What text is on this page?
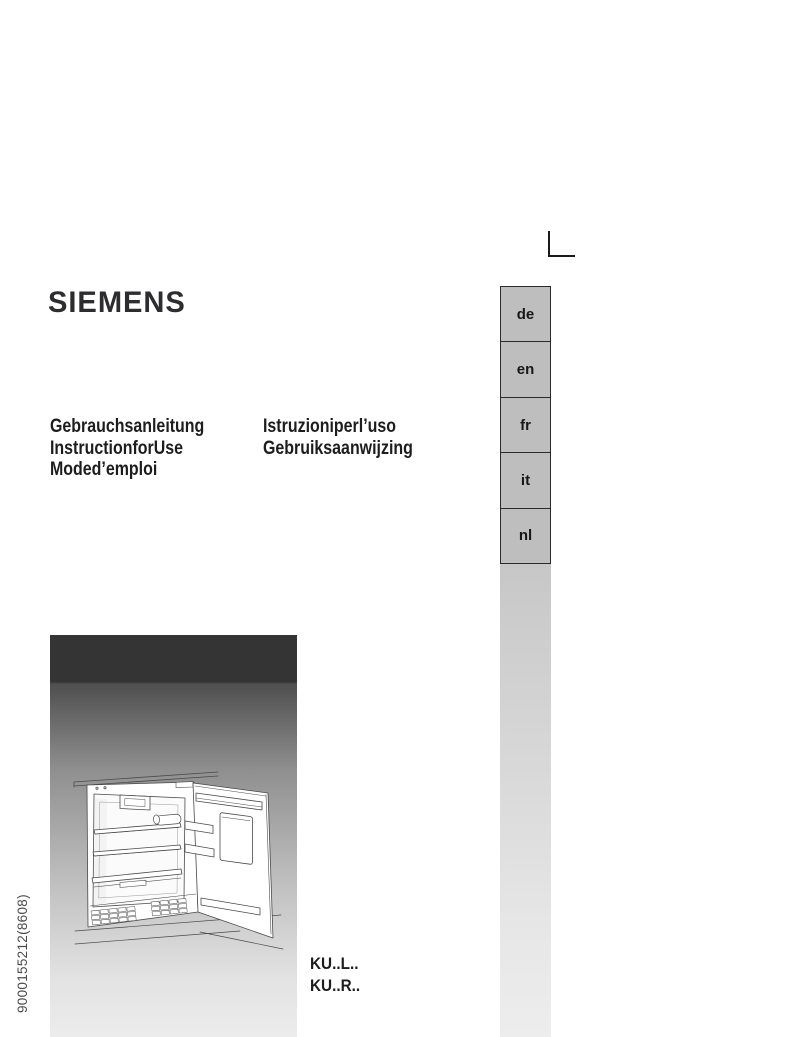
SIEMENS
Gebrauchsanleitung
InstructionforUse
Moded’emploi
Istruzioniperl’uso
Gebruiksaanwijzing
de
en
fr
it
nl
KU..L..
KU..R..
9000155212(8608)
